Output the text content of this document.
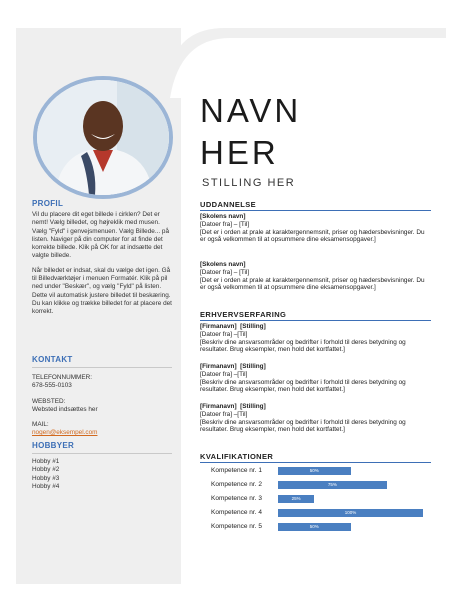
PROFIL
Vil du placere dit eget billede i cirklen? Det er nemt! Vælg billedet, og højreklik med musen. Vælg "Fyld" i genvejsmenuen. Vælg Billede... på listen. Naviger på din computer for at finde det korrekte billede. Klik på OK for at indsætte det valgte billede.
Når billedet er indsat, skal du vælge det igen. Gå til Billedværktøjer i menuen Formatér. Klik på pil ned under "Beskær", og vælg "Fyld" på listen. Dette vil automatisk justere billedet til beskæring. Du kan klikke og trække billedet for at placere det korrekt.
KONTAKT
TELEFONNUMMER:
678-555-0103
WEBSTED:
Websted indsættes her
MAIL:
nogen@eksempel.com
HOBBYER
Hobby #1
Hobby #2
Hobby #3
Hobby #4
NAVN
HER
STILLING HER
UDDANNELSE
[Skolens navn]
[Datoer fra] – [Til]
[Det er i orden at prale at karaktergennemsnit, priser og hædersbevisninger. Du er også velkommen til at opsummere dine eksamensopgaver.]
[Skolens navn]
[Datoer fra] – [Til]
[Det er i orden at prale at karaktergennemsnit, priser og hædersbevisninger. Du er også velkommen til at opsummere dine eksamensopgaver.]
ERHVERVSERFARING
[Firmanavn] [Stilling]
[Datoer fra] –[Til]
[Beskriv dine ansvarsområder og bedrifter i forhold til deres betydning og resultater. Brug eksempler, men hold det kortfattet.]
[Firmanavn] [Stilling]
[Datoer fra] –[Til]
[Beskriv dine ansvarsområder og bedrifter i forhold til deres betydning og resultater. Brug eksempler, men hold det kortfattet.]
[Firmanavn] [Stilling]
[Datoer fra] –[Til]
[Beskriv dine ansvarsområder og bedrifter i forhold til deres betydning og resultater. Brug eksempler, men hold det kortfattet.]
KVALIFIKATIONER
Kompetence nr. 1	50%
Kompetence nr. 2	75%
Kompetence nr. 3	25%
Kompetence nr. 4	100%
Kompetence nr. 5	50%
